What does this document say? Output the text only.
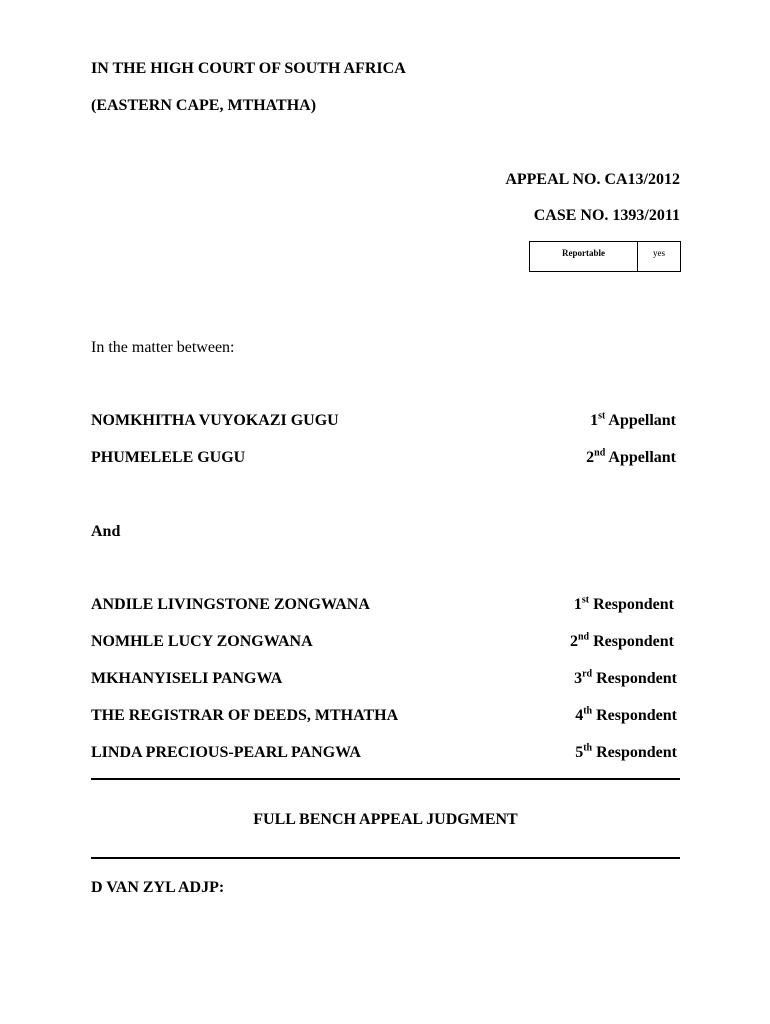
IN THE HIGH COURT OF SOUTH AFRICA
(EASTERN CAPE, MTHATHA)
APPEAL NO. CA13/2012
CASE NO. 1393/2011
Reportable	yes
In the matter between:
NOMKHITHA VUYOKAZI GUGU	1st Appellant
PHUMELELE GUGU	2nd Appellant
And
ANDILE LIVINGSTONE ZONGWANA	1st Respondent
NOMHLE LUCY ZONGWANA	2nd Respondent
MKHANYISELI PANGWA	3rd Respondent
THE REGISTRAR OF DEEDS, MTHATHA	4th Respondent
LINDA PRECIOUS-PEARL PANGWA	5th Respondent
FULL BENCH APPEAL JUDGMENT
D VAN ZYL ADJP:
